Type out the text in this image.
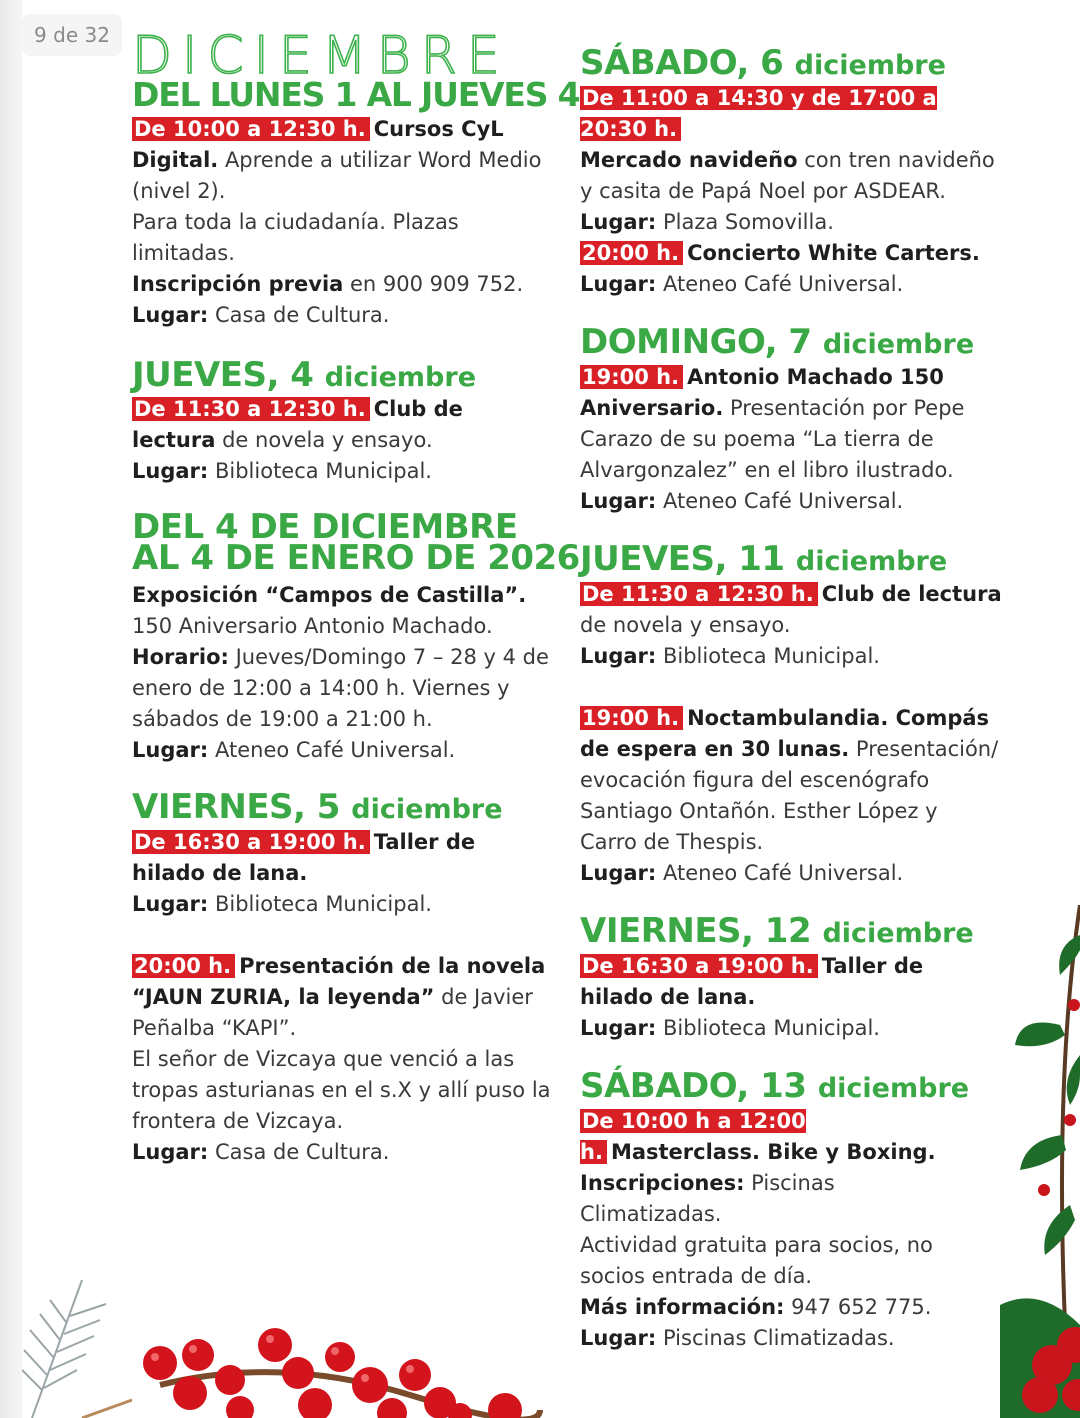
9 de 32 DICIEMBRE
DEL LUNES 1 AL JUEVES 4

De 10:00 a 12:30 h. Cursos CyL Digital. Aprende a utilizar Word Medio (nivel 2).

Para toda la ciudadanía. Plazas limitadas.

Inscripción previa en 900 909 752.

Lugar: Casa de Cultura.

JUEVES, 4 diciembre

De 11:30 a 12:30 h. Club de lectura de novela y ensayo.

Lugar: Biblioteca Municipal.

DEL 4 DE DICIEMBRE
AL 4 DE ENERO DE 2026

Exposición “Campos de Castilla”. 150 Aniversario Antonio Machado.

Horario: Jueves/Domingo 7 – 28 y 4 de enero de 12:00 a 14:00 h. Viernes y sábados de 19:00 a 21:00 h.

Lugar: Ateneo Café Universal.

VIERNES, 5 diciembre

De 16:30 a 19:00 h. Taller de hilado de lana.

Lugar: Biblioteca Municipal.

20:00 h. Presentación de la novela “JAUN ZURIA, la leyenda” de Javier Peñalba “KAPI”.

El señor de Vizcaya que venció a las tropas asturianas en el s.X y allí puso la frontera de Vizcaya.

Lugar: Casa de Cultura.

SÁBADO, 6 diciembre

De 11:00 a 14:30 y de 17:00 a 20:30 h.
Mercado navideño con tren navideño y casita de Papá Noel por ASDEAR.

Lugar: Plaza Somovilla.

20:00 h. Concierto White Carters.

Lugar: Ateneo Café Universal.

DOMINGO, 7 diciembre

19:00 h. Antonio Machado 150 Aniversario. Presentación por Pepe Carazo de su poema “La tierra de Alvargonzalez” en el libro ilustrado.

Lugar: Ateneo Café Universal.

JUEVES, 11 diciembre

De 11:30 a 12:30 h. Club de lectura de novela y ensayo.

Lugar: Biblioteca Municipal.

19:00 h. Noctambulandia. Compás de espera en 30 lunas. Presentación/ evocación figura del escenógrafo Santiago Ontañón. Esther López y Carro de Thespis.

Lugar: Ateneo Café Universal.

VIERNES, 12 diciembre

De 16:30 a 19:00 h. Taller de hilado de lana.

Lugar: Biblioteca Municipal.

SÁBADO, 13 diciembre

De 10:00 h a 12:00 h. Masterclass. Bike y Boxing.

Inscripciones: Piscinas Climatizadas.

Actividad gratuita para socios, no socios entrada de día.

Más información: 947 652 775.

Lugar: Piscinas Climatizadas.
